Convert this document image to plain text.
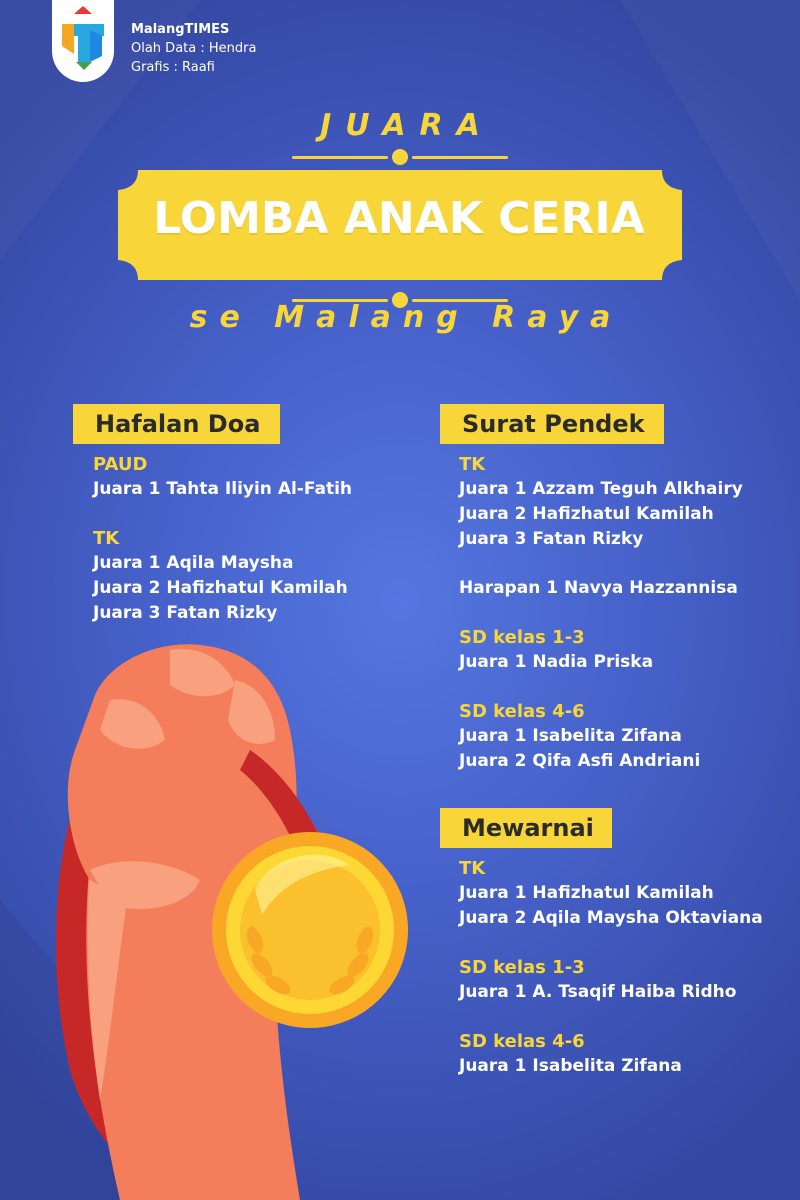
MalangTIMES
Olah Data : Hendra
Grafis : Raafi
JUARA
LOMBA ANAK CERIA
se Malang Raya
Hafalan Doa
PAUD
Juara 1 Tahta Iliyin Al-Fatih
TK
Juara 1 Aqila Maysha
Juara 2 Hafizhatul Kamilah
Juara 3 Fatan Rizky
Surat Pendek
TK
Juara 1 Azzam Teguh Alkhairy
Juara 2 Hafizhatul Kamilah
Juara 3 Fatan Rizky
Harapan 1 Navya Hazzannisa
SD kelas 1-3
Juara 1 Nadia Priska
SD kelas 4-6
Juara 1 Isabelita Zifana
Juara 2 Qifa Asfi Andriani
Mewarnai
TK
Juara 1 Hafizhatul Kamilah
Juara 2 Aqila Maysha Oktaviana
SD kelas 1-3
Juara 1 A. Tsaqif Haiba Ridho
SD kelas 4-6
Juara 1 Isabelita Zifana
